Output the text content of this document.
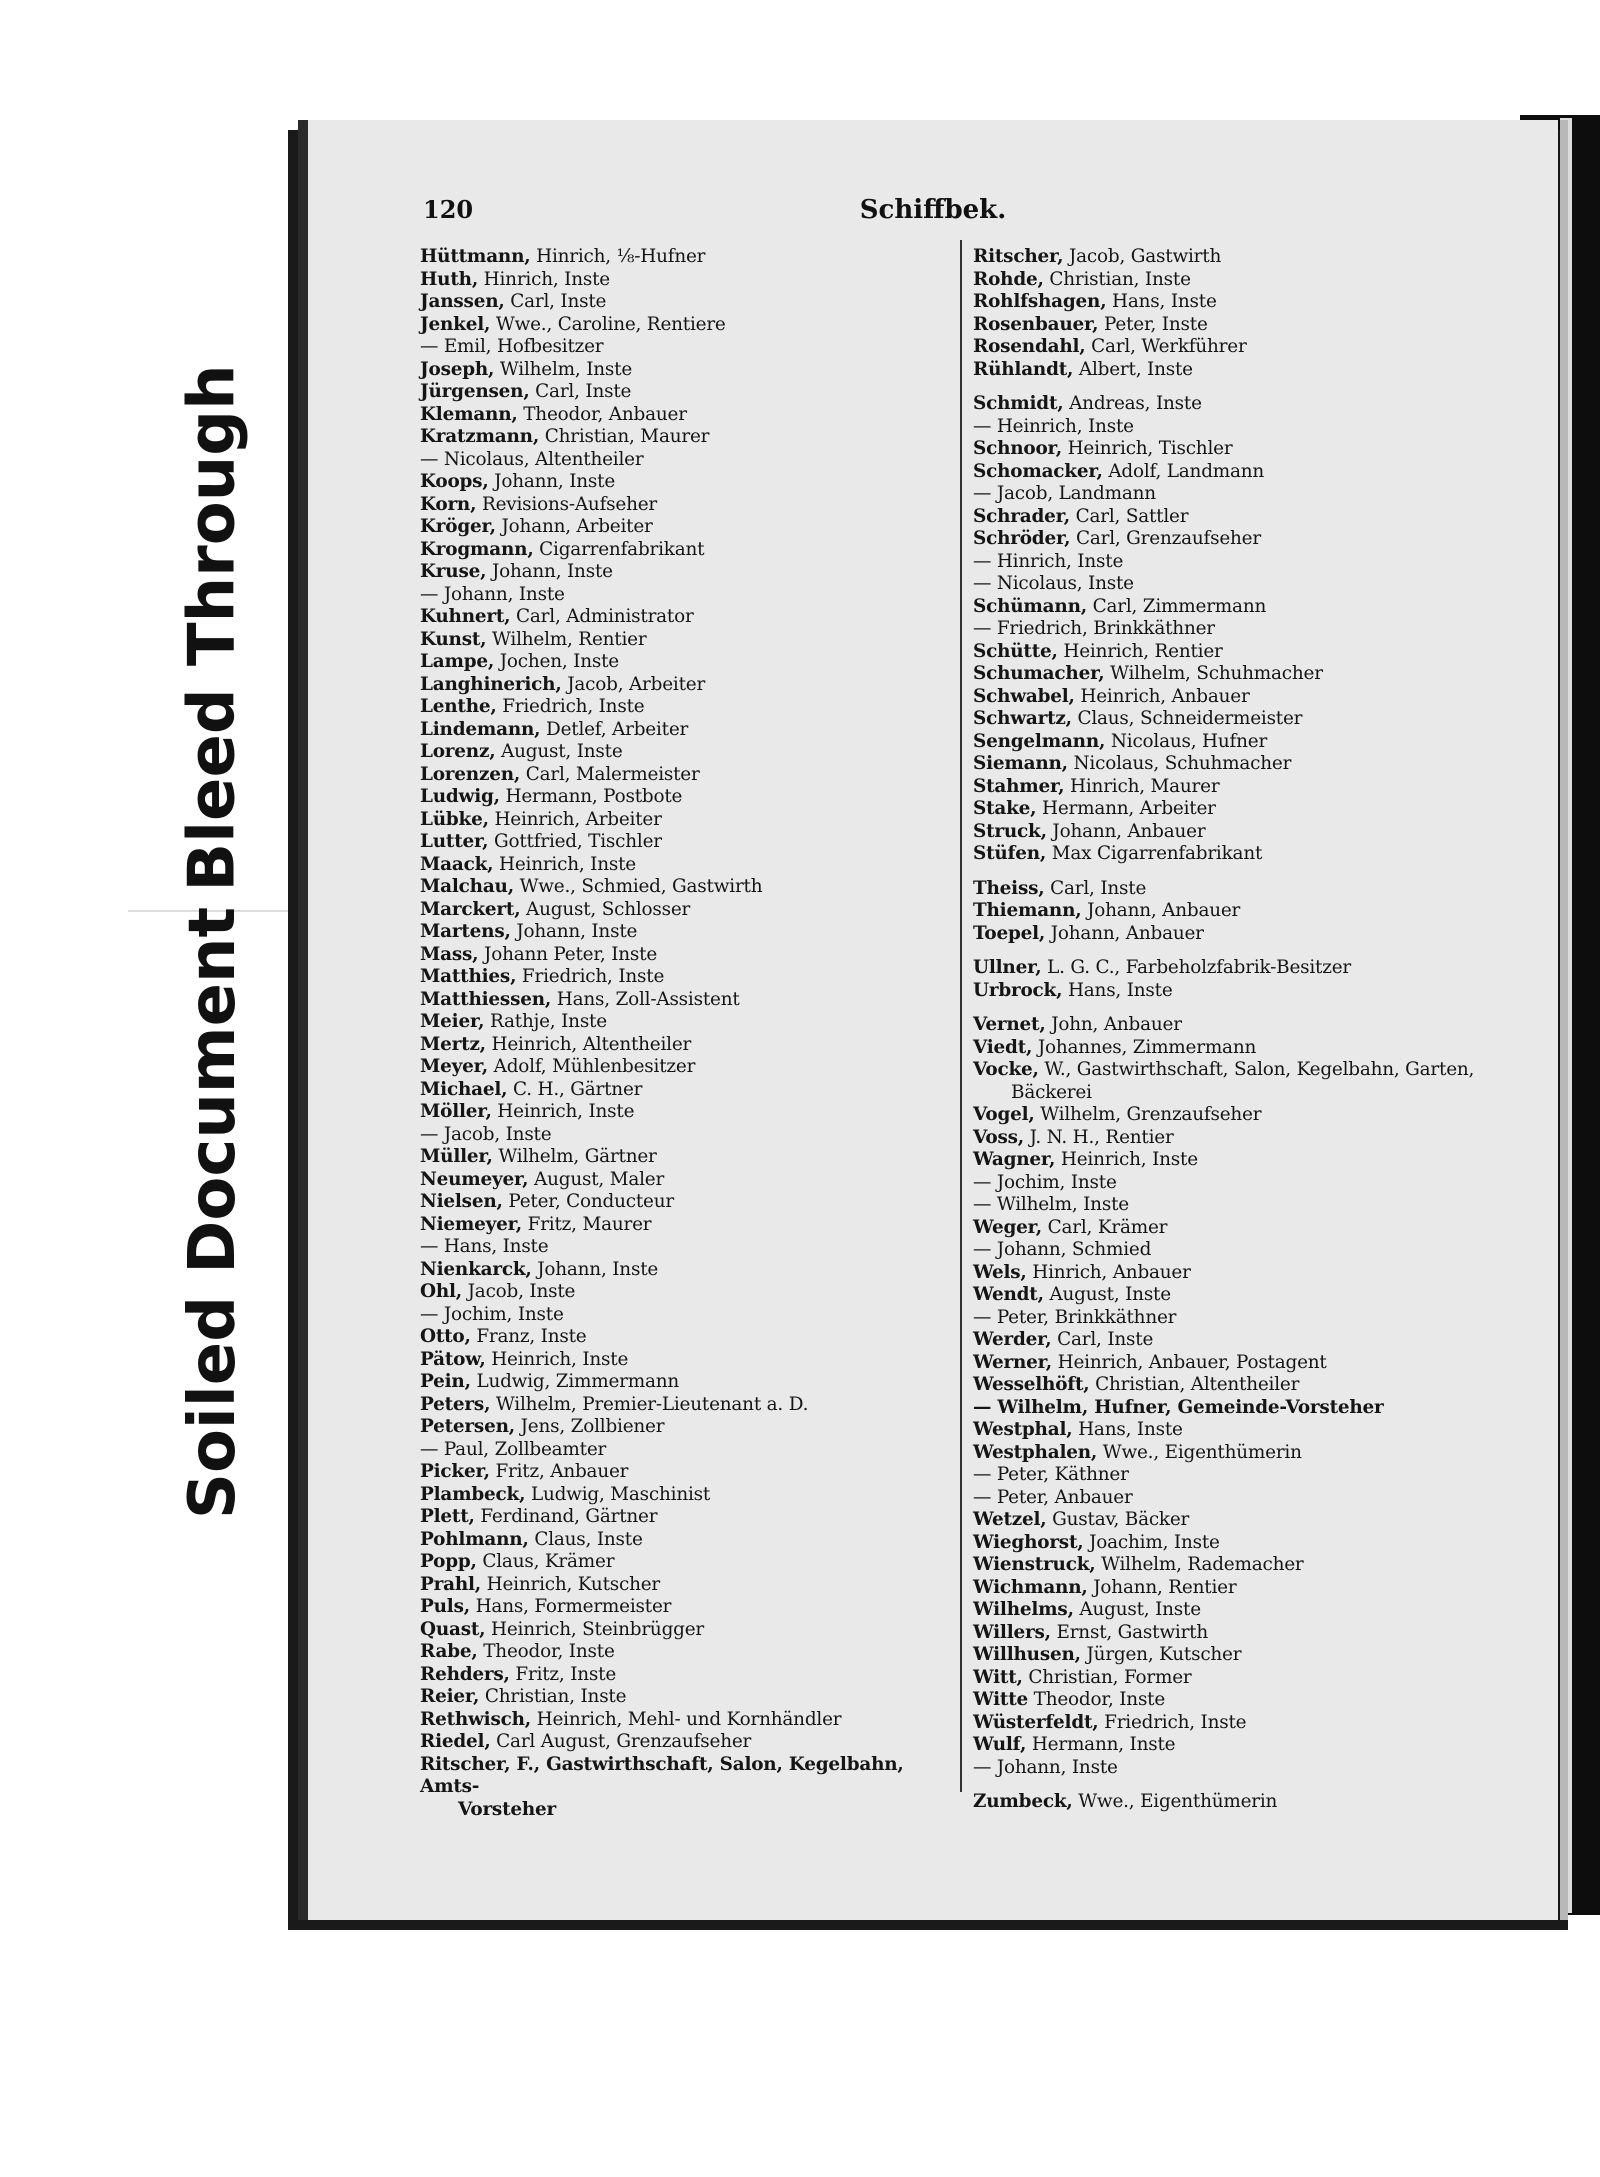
Bleed Through
Soiled Document
Schiffbek.
120
Hüttmann, Hinrich, ⅛-Hufner
Huth, Hinrich, Inste
Janssen, Carl, Inste
Jenkel, Wwe., Caroline, Rentiere
— Emil, Hofbesitzer
Joseph, Wilhelm, Inste
Jürgensen, Carl, Inste
Klemann, Theodor, Anbauer
Kratzmann, Christian, Maurer
— Nicolaus, Altentheiler
Koops, Johann, Inste
Korn, Revisions-Aufseher
Kröger, Johann, Arbeiter
Krogmann, Cigarrenfabrikant
Kruse, Johann, Inste
— Johann, Inste
Kuhnert, Carl, Administrator
Kunst, Wilhelm, Rentier
Lampe, Jochen, Inste
Langhinerich, Jacob, Arbeiter
Lenthe, Friedrich, Inste
Lindemann, Detlef, Arbeiter
Lorenz, August, Inste
Lorenzen, Carl, Malermeister
Ludwig, Hermann, Postbote
Lübke, Heinrich, Arbeiter
Lutter, Gottfried, Tischler
Maack, Heinrich, Inste
Malchau, Wwe., Schmied, Gastwirth
Marckert, August, Schlosser
Martens, Johann, Inste
Mass, Johann Peter, Inste
Matthies, Friedrich, Inste
Matthiessen, Hans, Zoll-Assistent
Meier, Rathje, Inste
Mertz, Heinrich, Altentheiler
Meyer, Adolf, Mühlenbesitzer
Michael, C. H., Gärtner
Möller, Heinrich, Inste
— Jacob, Inste
Müller, Wilhelm, Gärtner
Neumeyer, August, Maler
Nielsen, Peter, Conducteur
Niemeyer, Fritz, Maurer
— Hans, Inste
Nienkarck, Johann, Inste
Ohl, Jacob, Inste
— Jochim, Inste
Otto, Franz, Inste
Pätow, Heinrich, Inste
Pein, Ludwig, Zimmermann
Peters, Wilhelm, Premier-Lieutenant a. D.
Petersen, Jens, Zollbiener
— Paul, Zollbeamter
Picker, Fritz, Anbauer
Plambeck, Ludwig, Maschinist
Plett, Ferdinand, Gärtner
Pohlmann, Claus, Inste
Popp, Claus, Krämer
Prahl, Heinrich, Kutscher
Puls, Hans, Formermeister
Quast, Heinrich, Steinbrügger
Rabe, Theodor, Inste
Rehders, Fritz, Inste
Reier, Christian, Inste
Rethwisch, Heinrich, Mehl- und Kornhändler
Riedel, Carl August, Grenzaufseher
Ritscher, F., Gastwirthschaft, Salon, Kegelbahn, Amts-
Vorsteher
Ritscher, Jacob, Gastwirth
Rohde, Christian, Inste
Rohlfshagen, Hans, Inste
Rosenbauer, Peter, Inste
Rosendahl, Carl, Werkführer
Rühlandt, Albert, Inste
Schmidt, Andreas, Inste
— Heinrich, Inste
Schnoor, Heinrich, Tischler
Schomacker, Adolf, Landmann
— Jacob, Landmann
Schrader, Carl, Sattler
Schröder, Carl, Grenzaufseher
— Hinrich, Inste
— Nicolaus, Inste
Schümann, Carl, Zimmermann
— Friedrich, Brinkkäthner
Schütte, Heinrich, Rentier
Schumacher, Wilhelm, Schuhmacher
Schwabel, Heinrich, Anbauer
Schwartz, Claus, Schneidermeister
Sengelmann, Nicolaus, Hufner
Siemann, Nicolaus, Schuhmacher
Stahmer, Hinrich, Maurer
Stake, Hermann, Arbeiter
Struck, Johann, Anbauer
Stüfen, Max Cigarrenfabrikant
Theiss, Carl, Inste
Thiemann, Johann, Anbauer
Toepel, Johann, Anbauer
Ullner, L. G. C., Farbeholzfabrik-Besitzer
Urbrock, Hans, Inste
Vernet, John, Anbauer
Viedt, Johannes, Zimmermann
Vocke, W., Gastwirthschaft, Salon, Kegelbahn, Garten,
Bäckerei
Vogel, Wilhelm, Grenzaufseher
Voss, J. N. H., Rentier
Wagner, Heinrich, Inste
— Jochim, Inste
— Wilhelm, Inste
Weger, Carl, Krämer
— Johann, Schmied
Wels, Hinrich, Anbauer
Wendt, August, Inste
— Peter, Brinkkäthner
Werder, Carl, Inste
Werner, Heinrich, Anbauer, Postagent
Wesselhöft, Christian, Altentheiler
— Wilhelm, Hufner, Gemeinde-Vorsteher
Westphal, Hans, Inste
Westphalen, Wwe., Eigenthümerin
— Peter, Käthner
— Peter, Anbauer
Wetzel, Gustav, Bäcker
Wieghorst, Joachim, Inste
Wienstruck, Wilhelm, Rademacher
Wichmann, Johann, Rentier
Wilhelms, August, Inste
Willers, Ernst, Gastwirth
Willhusen, Jürgen, Kutscher
Witt, Christian, Former
Witte Theodor, Inste
Wüsterfeldt, Friedrich, Inste
Wulf, Hermann, Inste
— Johann, Inste
Zumbeck, Wwe., Eigenthümerin
